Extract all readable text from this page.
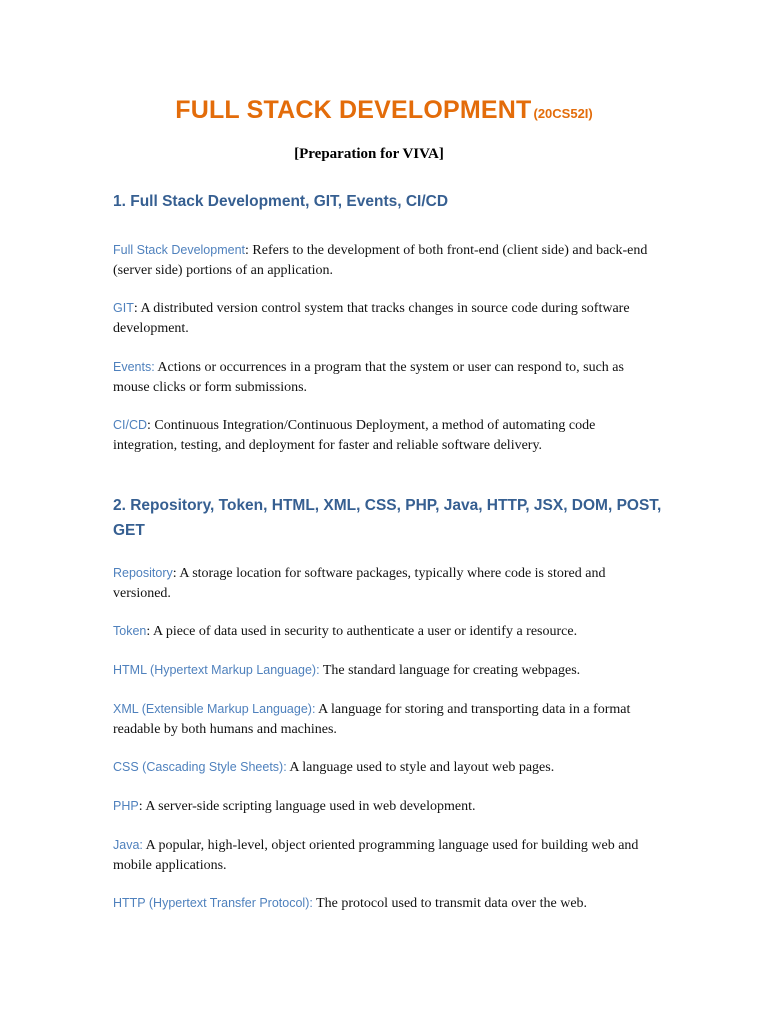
FULL STACK DEVELOPMENT (20CS52I)
[Preparation for VIVA]
1. Full Stack Development, GIT, Events, CI/CD
Full Stack Development: Refers to the development of both front-end (client side) and back-end (server side) portions of an application.
GIT: A distributed version control system that tracks changes in source code during software development.
Events: Actions or occurrences in a program that the system or user can respond to, such as mouse clicks or form submissions.
CI/CD: Continuous Integration/Continuous Deployment, a method of automating code integration, testing, and deployment for faster and reliable software delivery.
2. Repository, Token, HTML, XML, CSS, PHP, Java, HTTP, JSX, DOM, POST, GET
Repository: A storage location for software packages, typically where code is stored and versioned.
Token: A piece of data used in security to authenticate a user or identify a resource.
HTML (Hypertext Markup Language): The standard language for creating webpages.
XML (Extensible Markup Language): A language for storing and transporting data in a format readable by both humans and machines.
CSS (Cascading Style Sheets): A language used to style and layout web pages.
PHP: A server-side scripting language used in web development.
Java: A popular, high-level, object oriented programming language used for building web and mobile applications.
HTTP (Hypertext Transfer Protocol): The protocol used to transmit data over the web.
